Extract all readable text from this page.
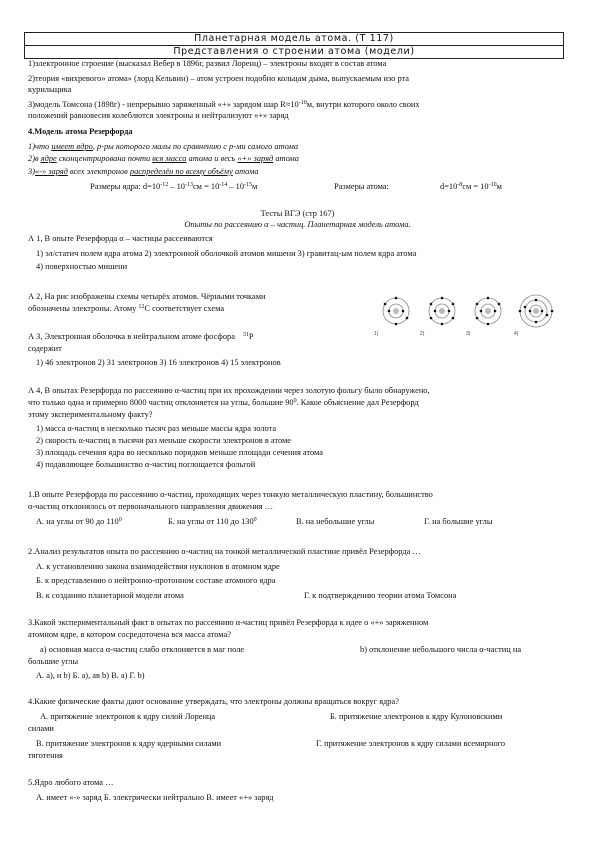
Планетарная модель атома. (Т 117)
Представления о строении атома (модели)
1)электронное строение (высказал Вебер в 1896г, развил Лоренц) – электроны входят в состав атома
2)теория «вихревого» атома» (лорд Кельвин) – атом устроен подобно кольцам дыма, выпускаемым изо рта
курильщика
3)модель Томсона (1898г) - непрерывно заряженный «+» зарядом шар $R\approx 10^{-10}м$, внутри которого около своих
положений равновесия колеблются электроны и нейтрализуют «+» заряд
4.Модель атома Резерфорда
1)что имеет ядро, р-ры которого малы по сравнению с р-ми самого атома
2)в ядре сконцентрирована почти вся масса атома и весь «+» заряд атома
3)«-» заряд всех электронов распределён по всему объёму атома
Размеры ядра: $d=10^{-12} - 10^{-13}см = 10^{-14} - 10^{-15}м$	Размеры атома:	$d=10^{-8}см = 10^{-10}м$
Тесты ВГЭ (стр 167)
Опыты по рассеянию α – частиц. Планетарная модель атома.
А 1, В опыте Резерфорда α – частицы рассеиваются
1) эл/статич полем ядра атома 2) электронной оболочкой атомов мишени 3) гравитац-ым полем ядра атома
4) поверхностью мишени
А 2, На рис изображены схемы четырёх атомов. Чёрными точками
обозначены электроны. Атому $^{12}$С соответствует схема
1)	2)	3)	4)
А 3, Электронная оболочка в нейтральном атоме фосфора $^{31}$P
содержит
1) 46 электронов 2) 31 электронов 3) 16 электронов 4) 15 электронов
А 4, В опытах Резерфорда по рассеянию α-частиц при их прохождении через золотую фольгу было обнаружено,
что только одна и примерно 8000 частиц отклоняется на углы, большие $90^0$. Какое объяснение дал Резерфорд
этому экспериментальному факту?
1) масса α-частиц в несколько тысяч раз меньше массы ядра золота
2) скорость α-частиц в тысячи раз меньше скорости электронов в атоме
3) площадь сечения ядра во несколько порядков меньше площади сечения атома
4) подавляющее большинство α-частиц поглощается фольгой
1.В опыте Резерфорда по рассеянию α-частиц, проходящих через тонкую металлическую пластину, большинство
α-частиц отклонялось от первоначального направления движения …
А. на углы от 90 до $110^0$	Б. на углы от 110 до $130^0$	В. на небольшие углы	Г. на большие углы
2.Анализ результатов опыта по рассеянию α-частиц на тонкой металлической пластине привёл Резерфорда …
А. к установлению закона взаимодействия нуклонов в атомном ядре
Б. к представлению о нейтронно-протонном составе атомного ядра
В. к созданию планетарной модели атома	Г. к подтверждению теории атома Томсона
3.Какой экспериментальный факт в опытах по рассеянию α-частиц привёл Резерфорда к идее о «+» заряженном
атомном ядре, в котором сосредоточена вся масса атома?
а) основная масса α-частиц слабо отклоняется в маг поле	b) отклонение небольшого числа α-частиц на
большие углы
А. а), и b) Б. а), ав b) В. а) Г. b)
4.Какие физические факты дают основание утверждать, что электроны должны вращаться вокруг ядра?
А. притяжение электронов к ядру силой Лоренца	Б. притяжение электронов к ядру Кулоновскими
силами
В. притяжение электронов к ядру ядерными силами	Г. притяжение электронов к ядру силами всемирного
тяготения
5.Ядро любого атома …
А. имеет «-» заряд Б. электрически нейтрально В. имеет «+» заряд
